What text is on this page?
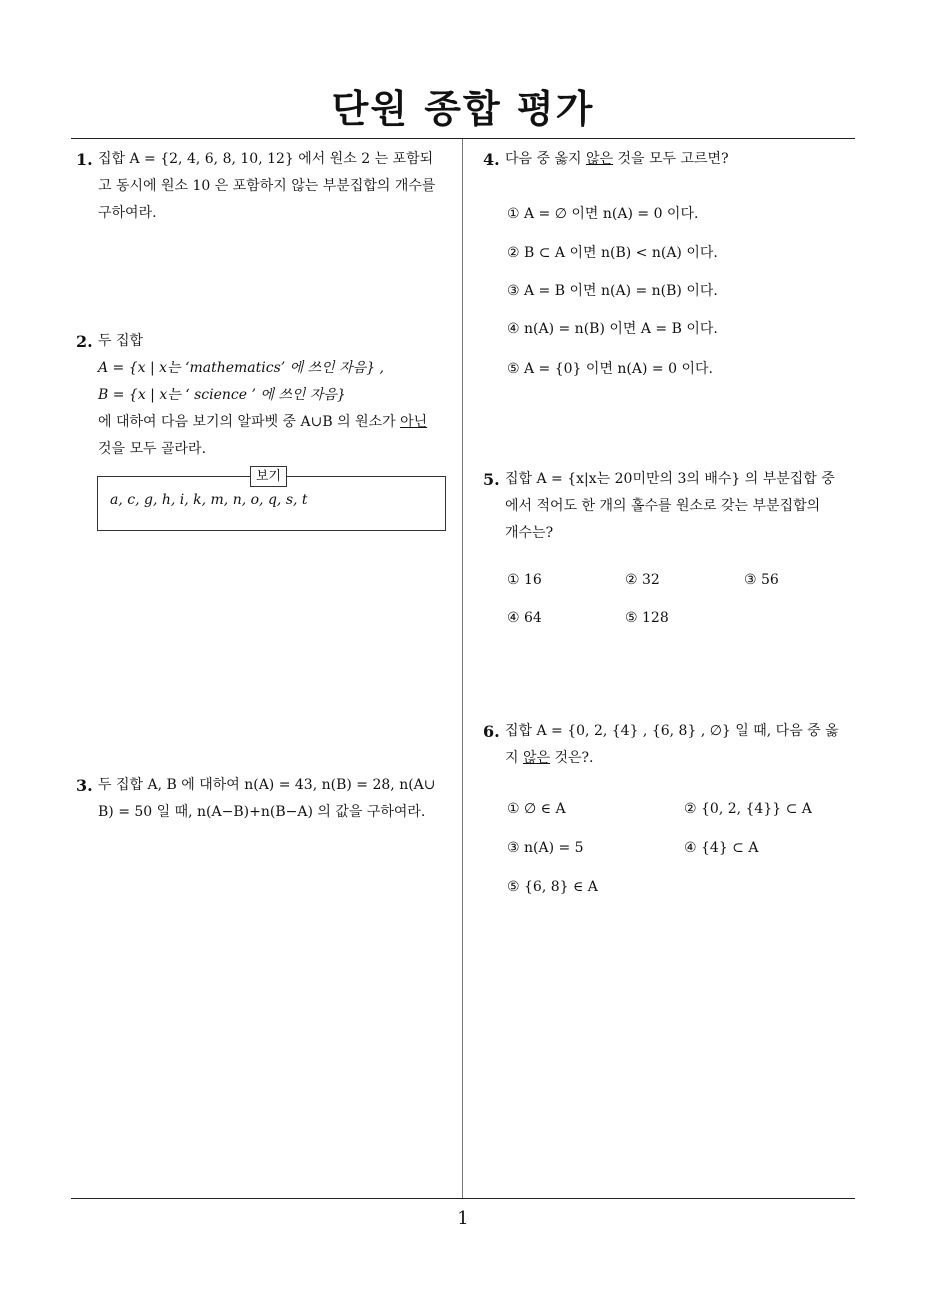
단원 종합 평가
1
1. 집합 A = {2, 4, 6, 8, 10, 12} 에서 원소 2 는 포함되
고 동시에 원소 10 은 포함하지 않는 부분집합의 개수를
구하여라.
2. 두 집합
A = {x | x는 ‘mathematics’ 에 쓰인 자음} ,
B = {x | x는 ‘ science ’ 에 쓰인 자음}
에 대하여 다음 보기의 알파벳 중 A∪B 의 원소가 아닌
것을 모두 골라라.
보기
a, c, g, h, i, k, m, n, o, q, s, t
3. 두 집합 A, B 에 대하여 n(A) = 43, n(B) = 28, n(A∪
B) = 50 일 때, n(A−B)+n(B−A) 의 값을 구하여라.
4. 다음 중 옳지 않은 것을 모두 고르면?
① A = ∅ 이면 n(A) = 0 이다.
② B ⊂ A 이면 n(B) < n(A) 이다.
③ A = B 이면 n(A) = n(B) 이다.
④ n(A) = n(B) 이면 A = B 이다.
⑤ A = {0} 이면 n(A) = 0 이다.
5. 집합 A = {x|x는 20미만의 3의 배수} 의 부분집합 중
에서 적어도 한 개의 홀수를 원소로 갖는 부분집합의
개수는?
① 16	② 32	③ 56
④ 64	⑤ 128
6. 집합 A = {0, 2, {4} , {6, 8} , ∅} 일 때, 다음 중 옳
지 않은 것은?.
① ∅ ∈ A	② {0, 2, {4}} ⊂ A
③ n(A) = 5	④ {4} ⊂ A
⑤ {6, 8} ∈ A
